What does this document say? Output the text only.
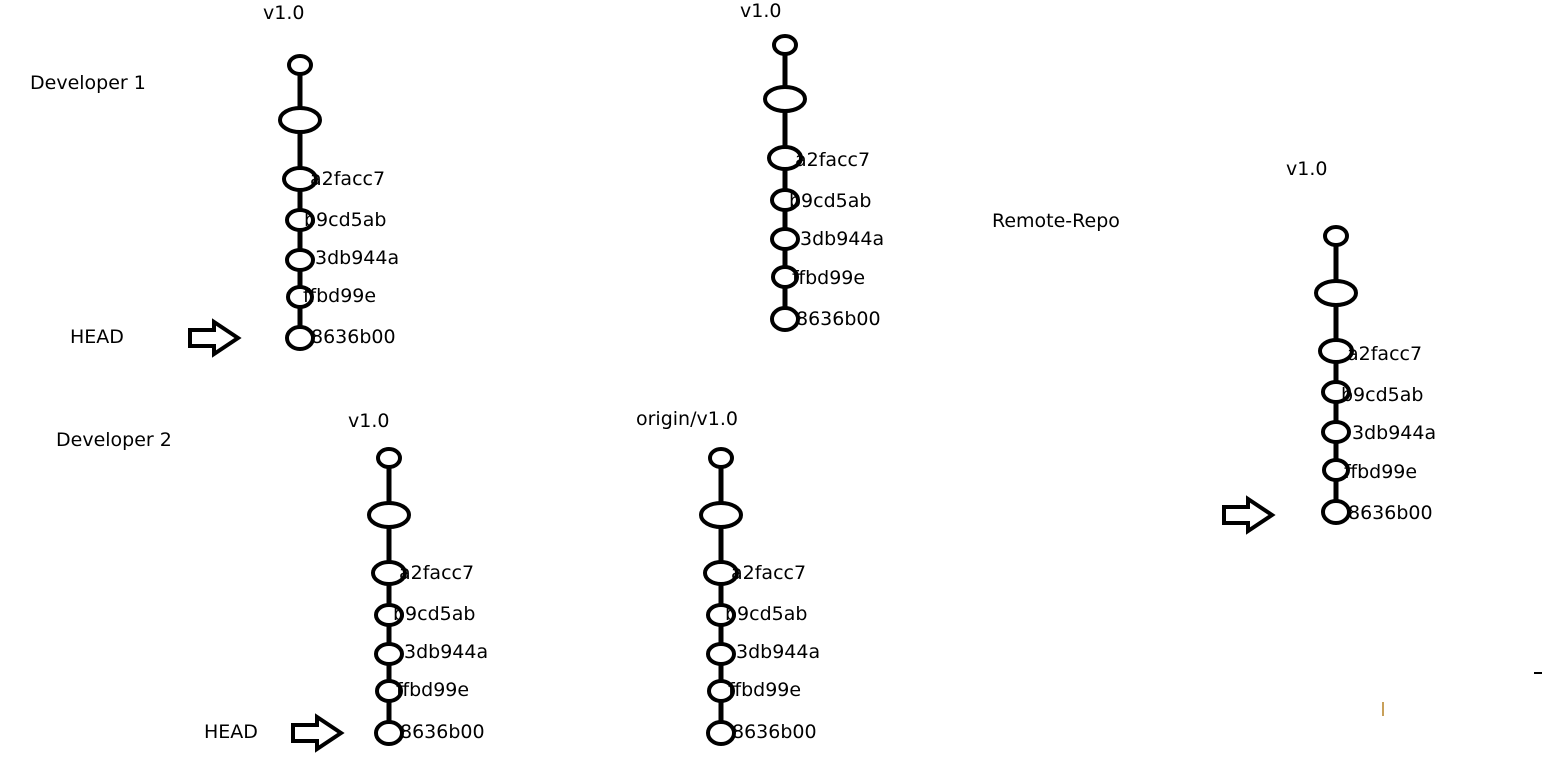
Developer 1
Developer 2
Remote-Repo
v1.0
a2facc7
b9cd5ab
3db944a
ffbd99e
8636b00
HEAD
v1.0
a2facc7
b9cd5ab
3db944a
ffbd99e
8636b00
v1.0
a2facc7
b9cd5ab
3db944a
ffbd99e
8636b00
v1.0
a2facc7
b9cd5ab
3db944a
ffbd99e
8636b00
HEAD
origin/v1.0
a2facc7
b9cd5ab
3db944a
ffbd99e
8636b00
